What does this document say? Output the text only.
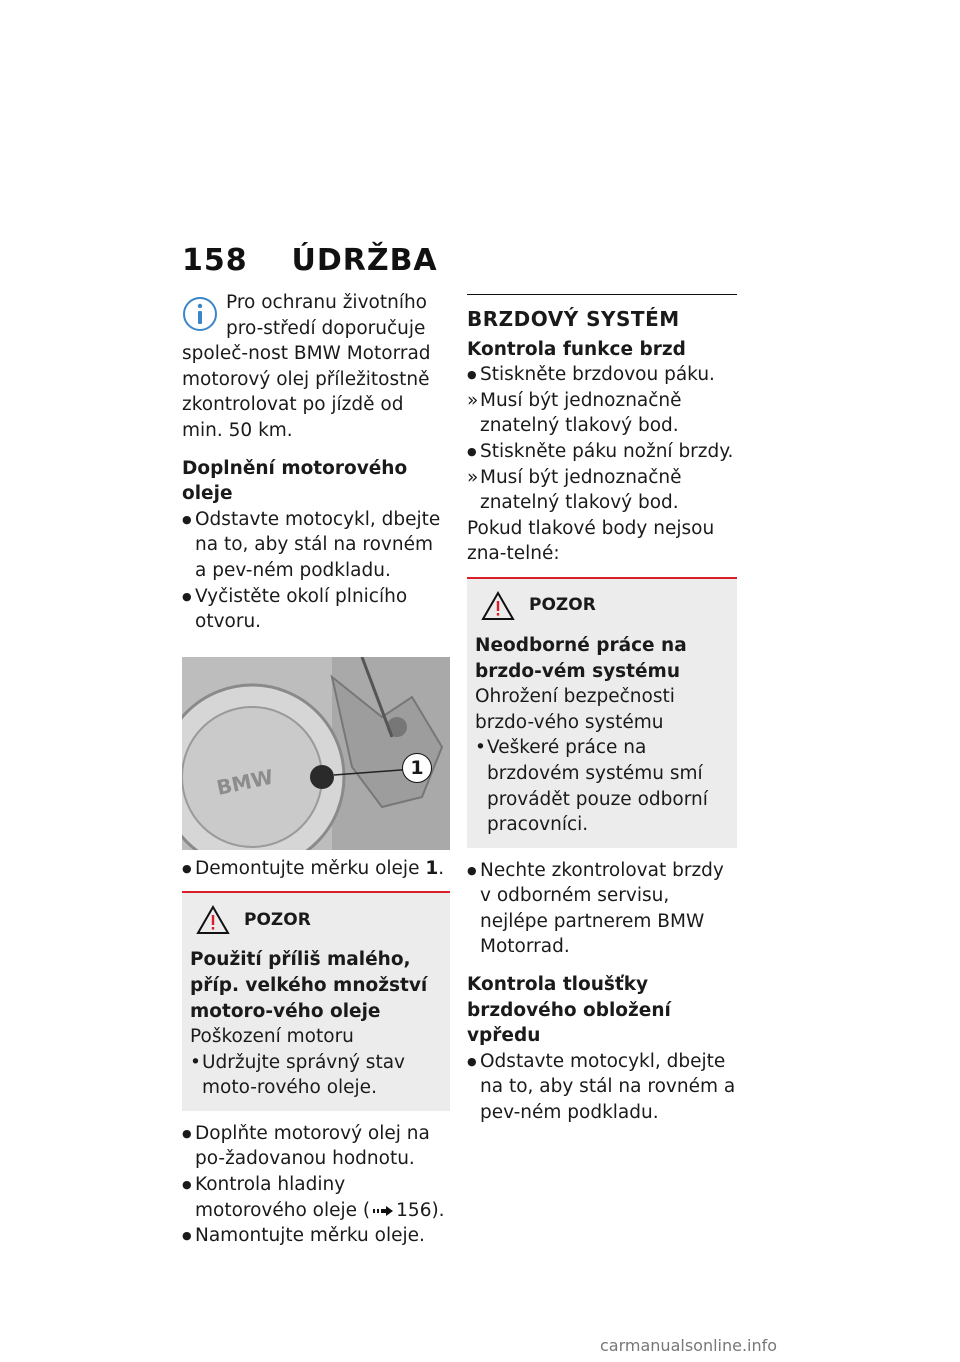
158 ÚDRŽBA

Pro ochranu životního pro-středí doporučuje společ-nost BMW Motorrad motorový olej příležitostně zkontrolovat po jízdě od min. 50 km.

Doplnění motorového oleje

● Odstavte motocykl, dbejte na to, aby stál na rovném a pev-ném podkladu.
● Vyčistěte okolí plnicího otvoru.
BMW	1
● Demontujte měrku oleje 1.
POZOR

Použití příliš malého, příp. velkého množství motoro-vého oleje

Poškození motoru

• Udržujte správný stav moto-rového oleje.
● Doplňte motorový olej na po-žadovanou hodnotu.
● Kontrola hladiny motorového oleje ( 156).
● Namontujte měrku oleje.

BRZDOVÝ SYSTÉM

Kontrola funkce brzd

● Stiskněte brzdovou páku.
» Musí být jednoznačně znatelný tlakový bod.
● Stiskněte páku nožní brzdy.
» Musí být jednoznačně znatelný tlakový bod.

Pokud tlakové body nejsou zna-telné:

POZOR

Neodborné práce na brzdo-vém systému

Ohrožení bezpečnosti brzdo-vého systému

• Veškeré práce na brzdovém systému smí provádět pouze odborní pracovníci.
● Nechte zkontrolovat brzdy v odborném servisu, nejlépe partnerem BMW Motorrad.

Kontrola tloušťky brzdového obložení vpředu

● Odstavte motocykl, dbejte na to, aby stál na rovném a pev-ném podkladu.
carmanualsonline.info
